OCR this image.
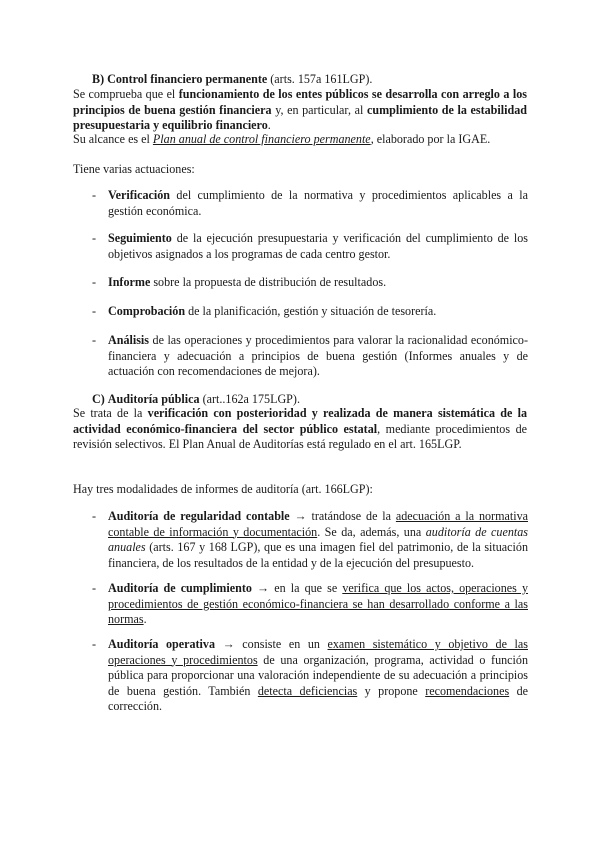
B) Control financiero permanente (arts. 157a 161LGP).

Se comprueba que el funcionamiento de los entes públicos se desarrolla con arreglo a los principios de buena gestión financiera y, en particular, al cumplimiento de la estabilidad presupuestaria y equilibrio financiero.

Su alcance es el Plan anual de control financiero permanente, elaborado por la IGAE.

Tiene varias actuaciones:

- Verificación del cumplimiento de la normativa y procedimientos aplicables a la gestión económica.
- Seguimiento de la ejecución presupuestaria y verificación del cumplimiento de los objetivos asignados a los programas de cada centro gestor.
- Informe sobre la propuesta de distribución de resultados.
- Comprobación de la planificación, gestión y situación de tesorería.
- Análisis de las operaciones y procedimientos para valorar la racionalidad económico- financiera y adecuación a principios de buena gestión (Informes anuales y de actuación con recomendaciones de mejora).

C) Auditoría pública (art..162a 175LGP).

Se trata de la verificación con posterioridad y realizada de manera sistemática de la actividad económico-financiera del sector público estatal, mediante procedimientos de revisión selectivos. El Plan Anual de Auditorías está regulado en el art. 165LGP.

Hay tres modalidades de informes de auditoría (art. 166LGP):

- Auditoría de regularidad contable → tratándose de la adecuación a la normativa contable de información y documentación. Se da, además, una auditoría de cuentas anuales (arts. 167 y 168 LGP), que es una imagen fiel del patrimonio, de la situación financiera, de los resultados de la entidad y de la ejecución del presupuesto.
- Auditoría de cumplimiento → en la que se verifica que los actos, operaciones y procedimientos de gestión económico-financiera se han desarrollado conforme a las normas.
- Auditoría operativa → consiste en un examen sistemático y objetivo de las operaciones y procedimientos de una organización, programa, actividad o función pública para proporcionar una valoración independiente de su adecuación a principios de buena gestión. También detecta deficiencias y propone recomendaciones de corrección.
